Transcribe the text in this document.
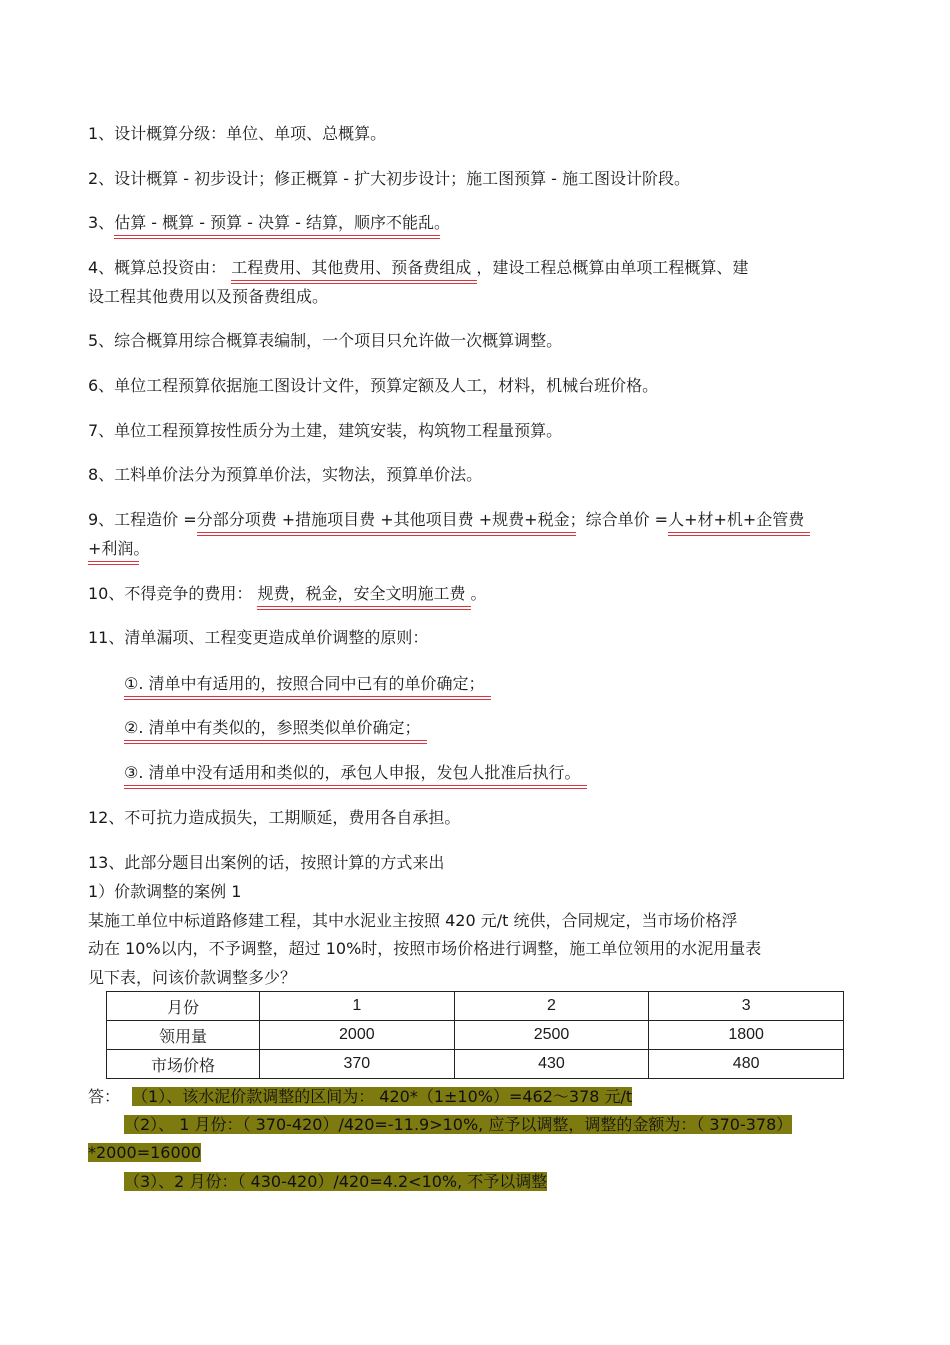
1、设计概算分级：单位、单项、总概算。
2、设计概算 - 初步设计；修正概算 - 扩大初步设计；施工图预算 - 施工图设计阶段。
3、估算 - 概算 - 预算 - 决算 - 结算，顺序不能乱。
4、概算总投资由： 工程费用、其他费用、预备费组成 ，建设工程总概算由单项工程概算、建
设工程其他费用以及预备费组成。
5、综合概算用综合概算表编制，一个项目只允许做一次概算调整。
6、单位工程预算依据施工图设计文件，预算定额及人工，材料，机械台班价格。
7、单位工程预算按性质分为土建，建筑安装，构筑物工程量预算。
8、工料单价法分为预算单价法，实物法，预算单价法。
9、工程造价 =分部分项费 +措施项目费 +其他项目费 +规费+税金；综合单价 =人+材+机+企管费
+利润。
10、不得竞争的费用： 规费，税金，安全文明施工费 。
11、清单漏项、工程变更造成单价调整的原则：
①. 清单中有适用的，按照合同中已有的单价确定；
②. 清单中有类似的，参照类似单价确定；
③. 清单中没有适用和类似的，承包人申报，发包人批准后执行。
12、不可抗力造成损失，工期顺延，费用各自承担。
13、此部分题目出案例的话，按照计算的方式来出
1）价款调整的案例 1
某施工单位中标道路修建工程，其中水泥业主按照 420 元/t 统供，合同规定，当市场价格浮
动在 10%以内，不予调整，超过 10%时，按照市场价格进行调整，施工单位领用的水泥用量表
见下表，问该价款调整多少？
月份	1	2	3
领用量	2000	2500	1800
市场价格	370	430	480
答： （1）、该水泥价款调整的区间为： 420*（1±10%）=462～378 元/t
（2）、 1 月份：（ 370-420）/420=-11.9>10%, 应予以调整，调整的金额为：（ 370-378）
*2000=16000
（3）、2 月份：（ 430-420）/420=4.2<10%, 不予以调整
